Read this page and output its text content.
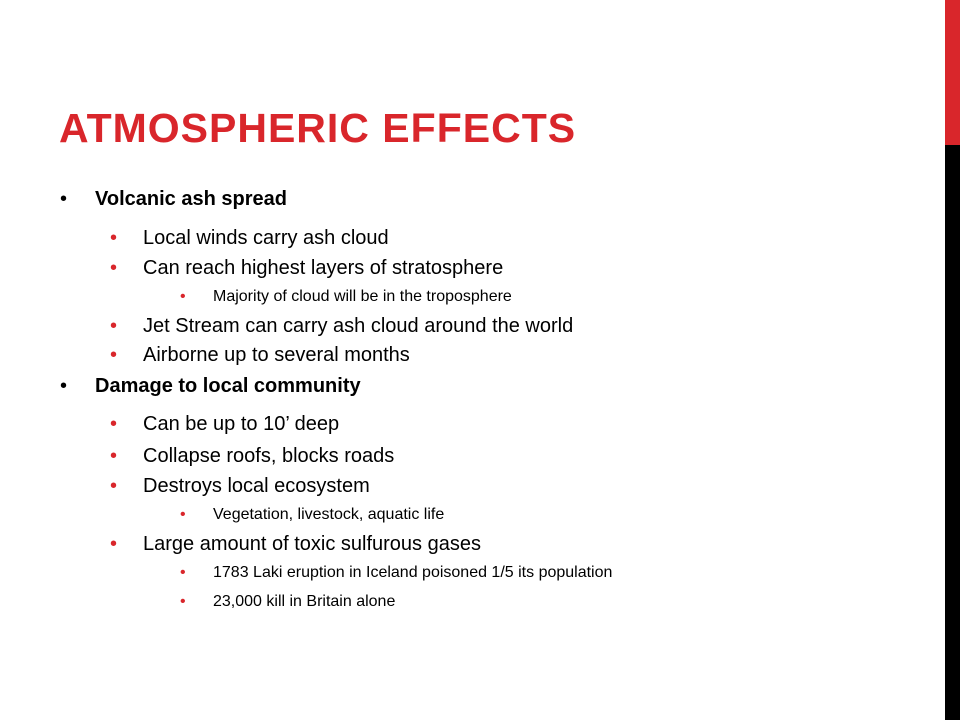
ATMOSPHERIC EFFECTS
• Volcanic ash spread
• Local winds carry ash cloud
• Can reach highest layers of stratosphere
• Majority of cloud will be in the troposphere
• Jet Stream can carry ash cloud around the world
• Airborne up to several months
• Damage to local community
• Can be up to 10’ deep
• Collapse roofs, blocks roads
• Destroys local ecosystem
• Vegetation, livestock, aquatic life
• Large amount of toxic sulfurous gases
• 1783 Laki eruption in Iceland poisoned 1/5 its population
• 23,000 kill in Britain alone
